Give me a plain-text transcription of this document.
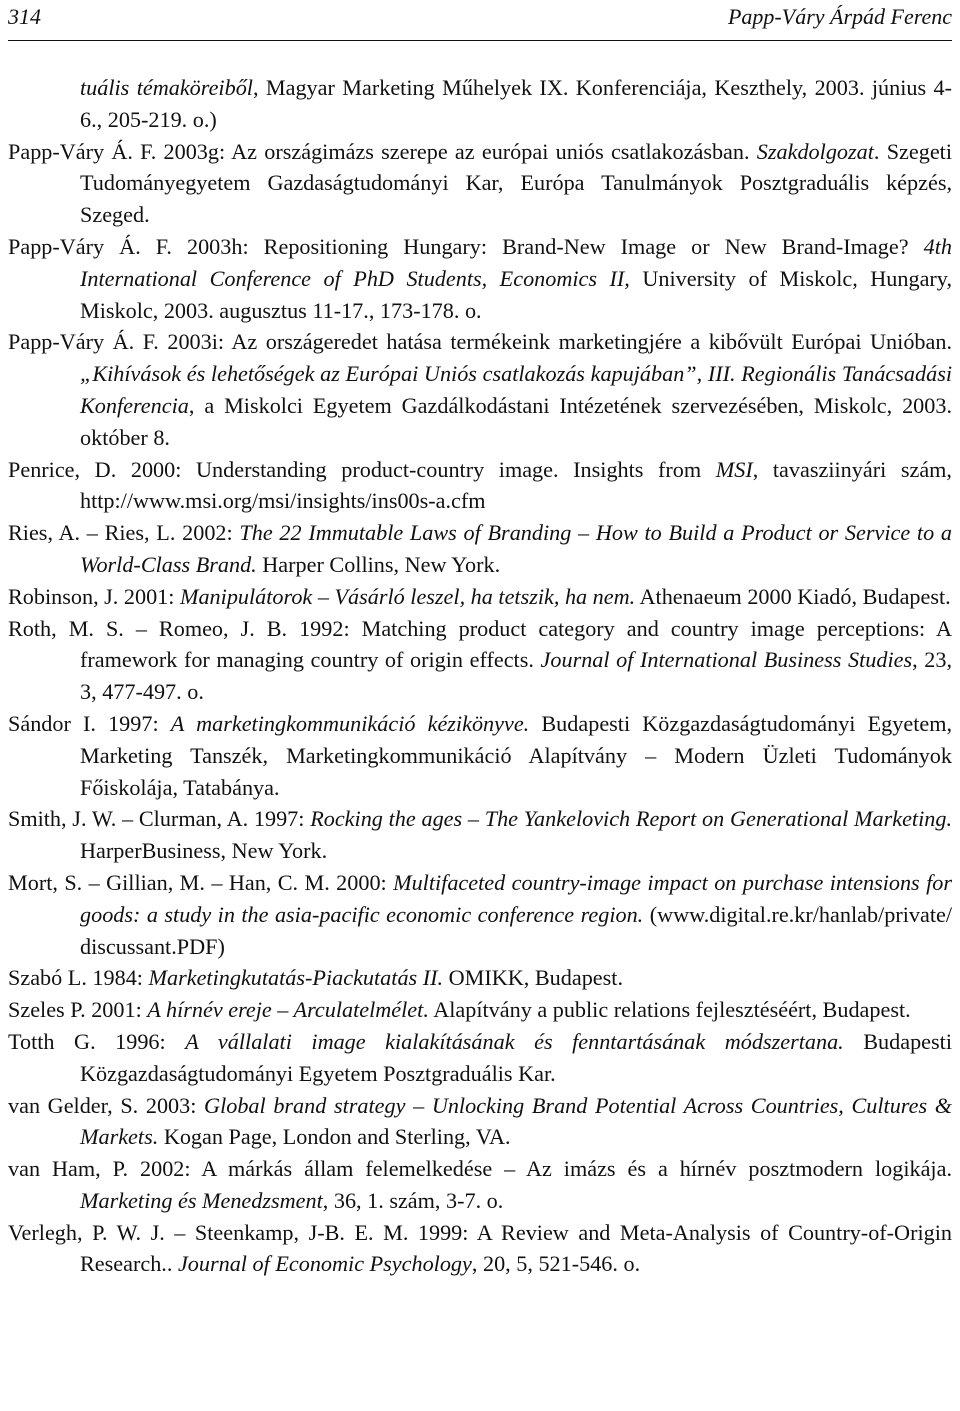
314	Papp-Váry Árpád Ferenc

tuális témaköreiből, Magyar Marketing Műhelyek IX. Konferenciája, Keszthely, 2003. június 4-6., 205-219. o.)

Papp-Váry Á. F. 2003g: Az országimázs szerepe az európai uniós csatlakozásban. Szakdolgozat. Szegeti Tudományegyetem Gazdaságtudományi Kar, Európa Tanulmányok Posztgraduális képzés, Szeged.

Papp-Váry Á. F. 2003h: Repositioning Hungary: Brand-New Image or New Brand-Image? 4th International Conference of PhD Students, Economics II, University of Miskolc, Hungary, Miskolc, 2003. augusztus 11-17., 173-178. o.

Papp-Váry Á. F. 2003i: Az országeredet hatása termékeink marketingjére a kibővült Európai Unióban. „Kihívások és lehetőségek az Európai Uniós csatlakozás kapujában”, III. Regionális Tanácsadási Konferencia, a Miskolci Egyetem Gazdálkodástani Intézetének szervezésében, Miskolc, 2003. október 8.

Penrice, D. 2000: Understanding product-country image. Insights from MSI, tavasziinyári szám, http://www.msi.org/msi/insights/ins00s-a.cfm

Ries, A. ‒ Ries, L. 2002: The 22 Immutable Laws of Branding ‒ How to Build a Product or Service to a World-Class Brand. Harper Collins, New York.

Robinson, J. 2001: Manipulátorok ‒ Vásárló leszel, ha tetszik, ha nem. Athenaeum 2000 Kiadó, Budapest.

Roth, M. S. ‒ Romeo, J. B. 1992: Matching product category and country image perceptions: A framework for managing country of origin effects. Journal of International Business Studies, 23, 3, 477-497. o.

Sándor I. 1997: A marketingkommunikáció kézikönyve. Budapesti Közgazdaságtudományi Egyetem, Marketing Tanszék, Marketingkommunikáció Alapítvány ‒ Modern Üzleti Tudományok Főiskolája, Tatabánya.

Smith, J. W. ‒ Clurman, A. 1997: Rocking the ages ‒ The Yankelovich Report on Generational Marketing. HarperBusiness, New York.

Mort, S. ‒ Gillian, M. ‒ Han, C. M. 2000: Multifaceted country-image impact on purchase intensions for goods: a study in the asia-pacific economic conference region. (www.digital.re.kr/hanlab/private/ discussant.PDF)

Szabó L. 1984: Marketingkutatás-Piackutatás II. OMIKK, Budapest.

Szeles P. 2001: A hírnév ereje ‒ Arculatelmélet. Alapítvány a public relations fejlesztéséért, Budapest.

Totth G. 1996: A vállalati image kialakításának és fenntartásának módszertana. Budapesti Közgazdaságtudományi Egyetem Posztgraduális Kar.

van Gelder, S. 2003: Global brand strategy ‒ Unlocking Brand Potential Across Countries, Cultures & Markets. Kogan Page, London and Sterling, VA.

van Ham, P. 2002: A márkás állam felemelkedése ‒ Az imázs és a hírnév posztmodern logikája. Marketing és Menedzsment, 36, 1. szám, 3-7. o.

Verlegh, P. W. J. ‒ Steenkamp, J-B. E. M. 1999: A Review and Meta-Analysis of Country-of-Origin Research.. Journal of Economic Psychology, 20, 5, 521-546. o.
